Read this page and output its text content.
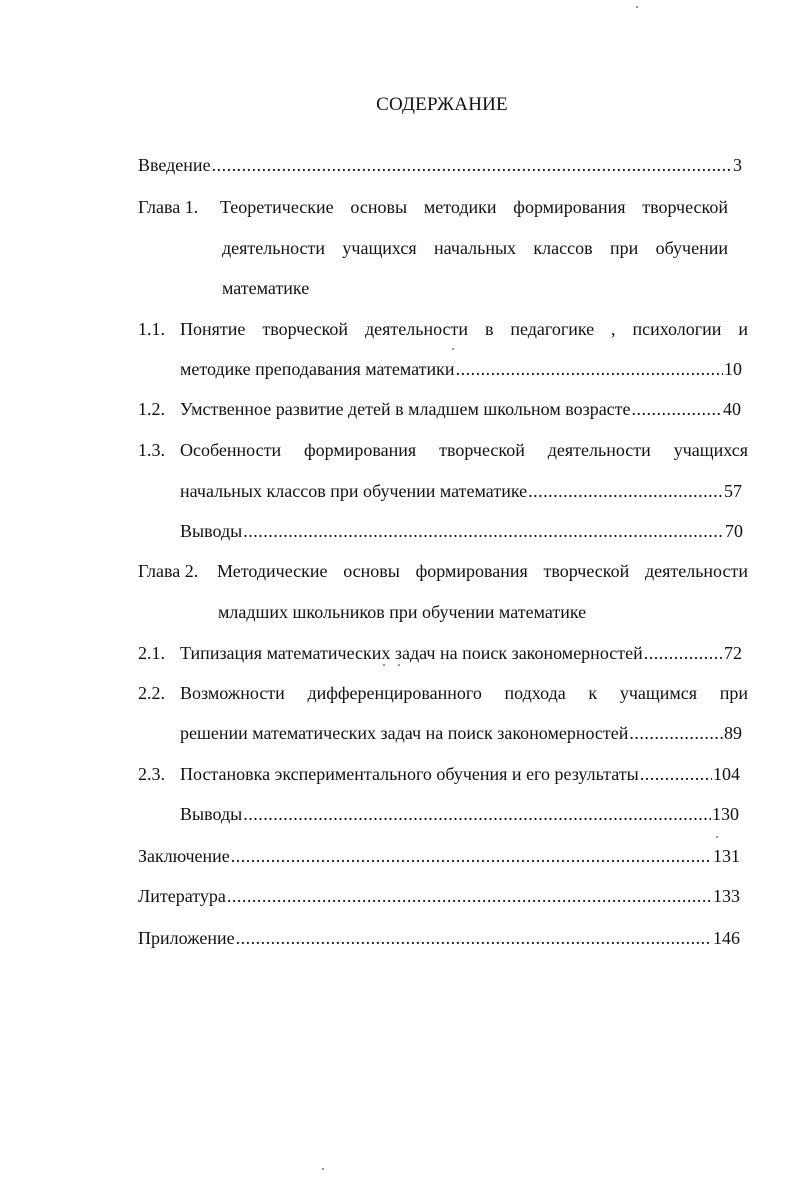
СОДЕРЖАНИЕ
Введение .....	3
Глава 1. Теоретические основы методики формирования творческой
деятельности учащихся начальных классов при обучении
математике
1.1. Понятие творческой деятельности в педагогике , психологии и
методике преподавания математики .....	10
1.2. Умственное развитие детей в младшем школьном возрасте .....	40
1.3. Особенности формирования творческой деятельности учащихся
начальных классов при обучении математике .....	57
Выводы .....	70
Глава 2. Методические основы формирования творческой деятельности
младших школьников при обучении математике
2.1. Типизация математических задач на поиск закономерностей .....	72
2.2. Возможности дифференцированного подхода к учащимся при
решении математических задач на поиск закономерностей .....	89
2.3. Постановка экспериментального обучения и его результаты .....	104
Выводы .....	130
Заключение .....	131
Литература .....	133
Приложение .....	146
